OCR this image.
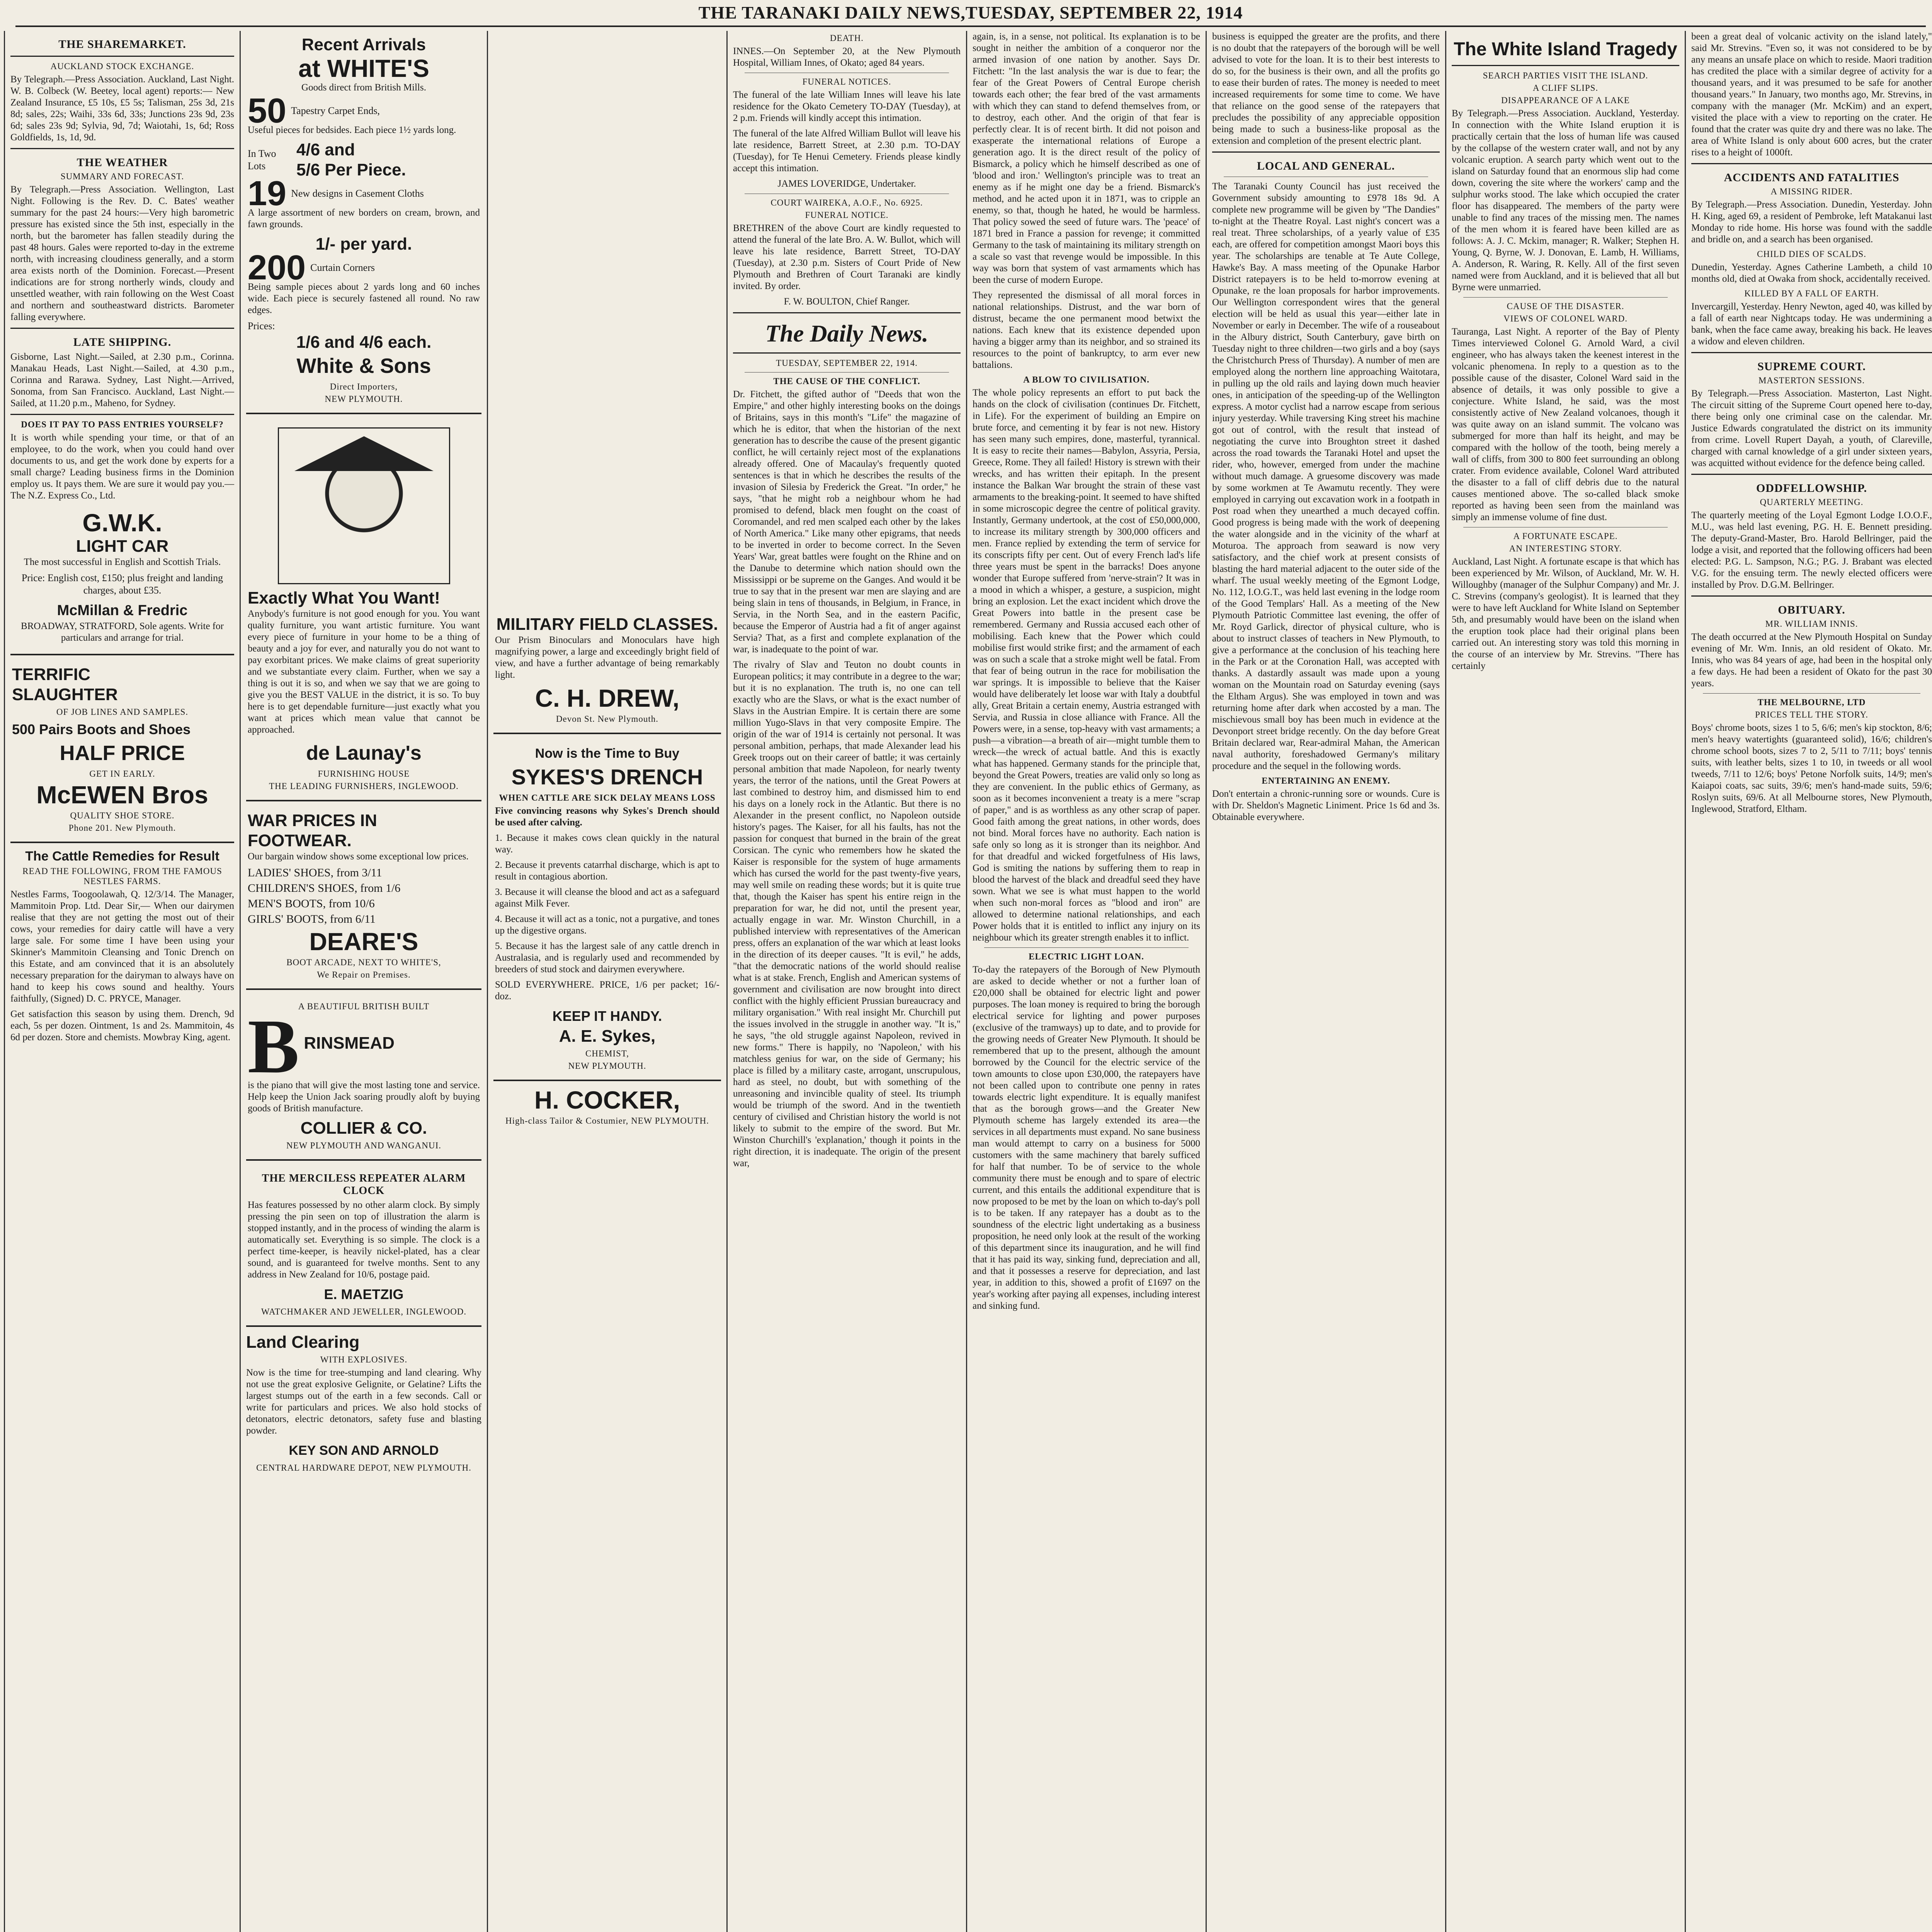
THE TARANAKI DAILY NEWS,TUESDAY, SEPTEMBER 22, 1914
THE SHAREMARKET.
AUCKLAND STOCK EXCHANGE.

By Telegraph.—Press Association. Auckland, Last Night. W. B. Colbeck (W. Beetey, local agent) reports:— New Zealand Insurance, £5 10s, £5 5s; Talisman, 25s 3d, 21s 8d; sales, 22s; Waihi, 33s 6d, 33s; Junctions 23s 9d, 23s 6d; sales 23s 9d; Sylvia, 9d, 7d; Waiotahi, 1s, 6d; Ross Goldfields, 1s, 1d, 9d.

THE WEATHER
SUMMARY AND FORECAST.

By Telegraph.—Press Association. Wellington, Last Night. Following is the Rev. D. C. Bates' weather summary for the past 24 hours:—Very high barometric pressure has existed since the 5th inst, especially in the north, but the barometer has fallen steadily during the past 48 hours. Gales were reported to-day in the extreme north, with increasing cloudiness generally, and a storm area exists north of the Dominion. Forecast.—Present indications are for strong northerly winds, cloudy and unsettled weather, with rain following on the West Coast and northern and southeastward districts. Barometer falling everywhere.

LATE SHIPPING.

Gisborne, Last Night.—Sailed, at 2.30 p.m., Corinna. Manakau Heads, Last Night.—Sailed, at 4.30 p.m., Corinna and Rarawa. Sydney, Last Night.—Arrived, Sonoma, from San Francisco. Auckland, Last Night.—Sailed, at 11.20 p.m., Maheno, for Sydney.

DOES IT PAY TO PASS ENTRIES YOURSELF?

It is worth while spending your time, or that of an employee, to do the work, when you could hand over documents to us, and get the work done by experts for a small charge? Leading business firms in the Dominion employ us. It pays them. We are sure it would pay you.—The N.Z. Express Co., Ltd.

G.W.K.
LIGHT CAR

The most successful in English and Scottish Trials.

Price: English cost, £150; plus freight and landing charges, about £35.

McMillan & Fredric

BROADWAY, STRATFORD, Sole agents. Write for particulars and arrange for trial.

TERRIFIC
SLAUGHTER
OF JOB LINES AND SAMPLES.
500 Pairs Boots and Shoes
HALF PRICE
GET IN EARLY.
McEWEN Bros
QUALITY SHOE STORE.
Phone 201. New Plymouth.
The Cattle Remedies for Result
READ THE FOLLOWING, FROM THE FAMOUS NESTLES FARMS.

Nestles Farms, Toogoolawah, Q. 12/3/14. The Manager, Mammitoin Prop. Ltd. Dear Sir,— When our dairymen realise that they are not getting the most out of their cows, your remedies for dairy cattle will have a very large sale. For some time I have been using your Skinner's Mammitoin Cleansing and Tonic Drench on this Estate, and am convinced that it is an absolutely necessary preparation for the dairyman to always have on hand to keep his cows sound and healthy. Yours faithfully, (Signed) D. C. PRYCE, Manager.

Get satisfaction this season by using them. Drench, 9d each, 5s per dozen. Ointment, 1s and 2s. Mammitoin, 4s 6d per dozen. Store and chemists. Mowbray King, agent.

Recent Arrivals
at WHITE'S

Goods direct from British Mills.

50 Tapestry Carpet Ends,

Useful pieces for bedsides. Each piece 1½ yards long.

In Two Lots
4/6 and
5/6 Per Piece.
19 New designs in Casement Cloths

A large assortment of new borders on cream, brown, and fawn grounds.

1/- per yard.
200 Curtain Corners

Being sample pieces about 2 yards long and 60 inches wide. Each piece is securely fastened all round. No raw edges.

Prices:
1/6 and 4/6 each.
White & Sons
Direct Importers,
NEW PLYMOUTH.
Exactly What You Want!

Anybody's furniture is not good enough for you. You want quality furniture, you want artistic furniture. You want every piece of furniture in your home to be a thing of beauty and a joy for ever, and naturally you do not want to pay exorbitant prices. We make claims of great superiority and we substantiate every claim. Further, when we say a thing is out it is so, and when we say that we are going to give you the BEST VALUE in the district, it is so. To buy here is to get dependable furniture—just exactly what you want at prices which mean value that cannot be approached.

de Launay's
FURNISHING HOUSE
THE LEADING FURNISHERS, INGLEWOOD.
WAR PRICES IN FOOTWEAR.

Our bargain window shows some exceptional low prices.

LADIES' SHOES, from 3/11
CHILDREN'S SHOES, from 1/6
MEN'S BOOTS, from 10/6
GIRLS' BOOTS, from 6/11
DEARE'S
BOOT ARCADE, NEXT TO WHITE'S,
We Repair on Premises.
A BEAUTIFUL BRITISH BUILT
B RINSMEAD

is the piano that will give the most lasting tone and service. Help keep the Union Jack soaring proudly aloft by buying goods of British manufacture.

COLLIER & CO.
NEW PLYMOUTH AND WANGANUI.
THE MERCILESS REPEATER ALARM CLOCK

Has features possessed by no other alarm clock. By simply pressing the pin seen on top of illustration the alarm is stopped instantly, and in the process of winding the alarm is automatically set. Everything is so simple. The clock is a perfect time-keeper, is heavily nickel-plated, has a clear sound, and is guaranteed for twelve months. Sent to any address in New Zealand for 10/6, postage paid.

E. MAETZIG
WATCHMAKER AND JEWELLER, INGLEWOOD.
Land Clearing
WITH EXPLOSIVES.

Now is the time for tree-stumping and land clearing. Why not use the great explosive Gelignite, or Gelatine? Lifts the largest stumps out of the earth in a few seconds. Call or write for particulars and prices. We also hold stocks of detonators, electric detonators, safety fuse and blasting powder.

KEY SON AND ARNOLD
CENTRAL HARDWARE DEPOT, NEW PLYMOUTH.
MILITARY FIELD CLASSES.

Our Prism Binoculars and Monoculars have high magnifying power, a large and exceedingly bright field of view, and have a further advantage of being remarkably light.

C. H. DREW,
Devon St. New Plymouth.
Now is the Time to Buy
SYKES'S DRENCH
WHEN CATTLE ARE SICK DELAY MEANS LOSS

Five convincing reasons why Sykes's Drench should be used after calving.

1. Because it makes cows clean quickly in the natural way.

2. Because it prevents catarrhal discharge, which is apt to result in contagious abortion.

3. Because it will cleanse the blood and act as a safeguard against Milk Fever.

4. Because it will act as a tonic, not a purgative, and tones up the digestive organs.

5. Because it has the largest sale of any cattle drench in Australasia, and is regularly used and recommended by breeders of stud stock and dairymen everywhere.

SOLD EVERYWHERE. PRICE, 1/6 per packet; 16/- doz.

KEEP IT HANDY.
A. E. Sykes,
CHEMIST,
NEW PLYMOUTH.
H. COCKER,
High-class Tailor & Costumier, NEW PLYMOUTH.
DEATH.

INNES.—On September 20, at the New Plymouth Hospital, William Innes, of Okato; aged 84 years.

FUNERAL NOTICES.

The funeral of the late William Innes will leave his late residence for the Okato Cemetery TO-DAY (Tuesday), at 2 p.m. Friends will kindly accept this intimation.

The funeral of the late Alfred William Bullot will leave his late residence, Barrett Street, at 2.30 p.m. TO-DAY (Tuesday), for Te Henui Cemetery. Friends please kindly accept this intimation.

JAMES LOVERIDGE, Undertaker.

COURT WAIREKA, A.O.F., No. 6925.
FUNERAL NOTICE.

BRETHREN of the above Court are kindly requested to attend the funeral of the late Bro. A. W. Bullot, which will leave his late residence, Barrett Street, TO-DAY (Tuesday), at 2.30 p.m. Sisters of Court Pride of New Plymouth and Brethren of Court Taranaki are kindly invited. By order.

F. W. BOULTON, Chief Ranger.

The Daily News.
TUESDAY, SEPTEMBER 22, 1914.
THE CAUSE OF THE CONFLICT.

Dr. Fitchett, the gifted author of "Deeds that won the Empire," and other highly interesting books on the doings of Britains, says in this month's "Life" the magazine of which he is editor, that when the historian of the next generation has to describe the cause of the present gigantic conflict, he will certainly reject most of the explanations already offered. One of Macaulay's frequently quoted sentences is that in which he describes the results of the invasion of Silesia by Frederick the Great. "In order," he says, "that he might rob a neighbour whom he had promised to defend, black men fought on the coast of Coromandel, and red men scalped each other by the lakes of North America." Like many other epigrams, that needs to be inverted in order to become correct. In the Seven Years' War, great battles were fought on the Rhine and on the Danube to determine which nation should own the Mississippi or be supreme on the Ganges. And would it be true to say that in the present war men are slaying and are being slain in tens of thousands, in Belgium, in France, in Servia, in the North Sea, and in the eastern Pacific, because the Emperor of Austria had a fit of anger against Servia? That, as a first and complete explanation of the war, is inadequate to the point of war.

The rivalry of Slav and Teuton no doubt counts in European politics; it may contribute in a degree to the war; but it is no explanation. The truth is, no one can tell exactly who are the Slavs, or what is the exact number of Slavs in the Austrian Empire. It is certain there are some million Yugo-Slavs in that very composite Empire. The origin of the war of 1914 is certainly not personal. It was personal ambition, perhaps, that made Alexander lead his Greek troops out on their career of battle; it was certainly personal ambition that made Napoleon, for nearly twenty years, the terror of the nations, until the Great Powers at last combined to destroy him, and dismissed him to end his days on a lonely rock in the Atlantic. But there is no Alexander in the present conflict, no Napoleon outside history's pages. The Kaiser, for all his faults, has not the passion for conquest that burned in the brain of the great Corsican. The cynic who remembers how he skated the Kaiser is responsible for the system of huge armaments which has cursed the world for the past twenty-five years, may well smile on reading these words; but it is quite true that, though the Kaiser has spent his entire reign in the preparation for war, he did not, until the present year, actually engage in war. Mr. Winston Churchill, in a published interview with representatives of the American press, offers an explanation of the war which at least looks in the direction of its deeper causes. "It is evil," he adds, "that the democratic nations of the world should realise what is at stake. French, English and American systems of government and civilisation are now brought into direct conflict with the highly efficient Prussian bureaucracy and military organisation." With real insight Mr. Churchill put the issues involved in the struggle in another way. "It is," he says, "the old struggle against Napoleon, revived in new forms." There is happily, no 'Napoleon,' with his matchless genius for war, on the side of Germany; his place is filled by a military caste, arrogant, unscrupulous, hard as steel, no doubt, but with something of the unreasoning and invincible quality of steel. Its triumph would be triumph of the sword. And in the twentieth century of civilised and Christian history the world is not likely to submit to the empire of the sword. But Mr. Winston Churchill's 'explanation,' though it points in the right direction, it is inadequate. The origin of the present war,

again, is, in a sense, not political. Its explanation is to be sought in neither the ambition of a conqueror nor the armed invasion of one nation by another. Says Dr. Fitchett: "In the last analysis the war is due to fear; the fear of the Great Powers of Central Europe cherish towards each other; the fear bred of the vast armaments with which they can stand to defend themselves from, or to destroy, each other. And the origin of that fear is perfectly clear. It is of recent birth. It did not poison and exasperate the international relations of Europe a generation ago. It is the direct result of the policy of Bismarck, a policy which he himself described as one of 'blood and iron.' Wellington's principle was to treat an enemy as if he might one day be a friend. Bismarck's method, and he acted upon it in 1871, was to cripple an enemy, so that, though he hated, he would be harmless. That policy sowed the seed of future wars. The 'peace' of 1871 bred in France a passion for revenge; it committed Germany to the task of maintaining its military strength on a scale so vast that revenge would be impossible. In this way was born that system of vast armaments which has been the curse of modern Europe.

They represented the dismissal of all moral forces in national relationships. Distrust, and the war born of distrust, became the one permanent mood betwixt the nations. Each knew that its existence depended upon having a bigger army than its neighbor, and so strained its resources to the point of bankruptcy, to arm ever new battalions.

A BLOW TO CIVILISATION.

The whole policy represents an effort to put back the hands on the clock of civilisation (continues Dr. Fitchett, in Life). For the experiment of building an Empire on brute force, and cementing it by fear is not new. History has seen many such empires, done, masterful, tyrannical. It is easy to recite their names—Babylon, Assyria, Persia, Greece, Rome. They all failed! History is strewn with their wrecks, and has written their epitaph. In the present instance the Balkan War brought the strain of these vast armaments to the breaking-point. It seemed to have shifted in some microscopic degree the centre of political gravity. Instantly, Germany undertook, at the cost of £50,000,000, to increase its military strength by 300,000 officers and men. France replied by extending the term of service for its conscripts fifty per cent. Out of every French lad's life three years must be spent in the barracks! Does anyone wonder that Europe suffered from 'nerve-strain'? It was in a mood in which a whisper, a gesture, a suspicion, might bring an explosion. Let the exact incident which drove the Great Powers into battle in the present case be remembered. Germany and Russia accused each other of mobilising. Each knew that the Power which could mobilise first would strike first; and the armament of each was on such a scale that a stroke might well be fatal. From that fear of being outrun in the race for mobilisation the war springs. It is impossible to believe that the Kaiser would have deliberately let loose war with Italy a doubtful ally, Great Britain a certain enemy, Austria estranged with Servia, and Russia in close alliance with France. All the Powers were, in a sense, top-heavy with vast armaments; a push—a vibration—a breath of air—might tumble them to wreck—the wreck of actual battle. And this is exactly what has happened. Germany stands for the principle that, beyond the Great Powers, treaties are valid only so long as they are convenient. In the public ethics of Germany, as soon as it becomes inconvenient a treaty is a mere "scrap of paper," and is as worthless as any other scrap of paper. Good faith among the great nations, in other words, does not bind. Moral forces have no authority. Each nation is safe only so long as it is stronger than its neighbor. And for that dreadful and wicked forgetfulness of His laws, God is smiting the nations by suffering them to reap in blood the harvest of the black and dreadful seed they have sown. What we see is what must happen to the world when such non-moral forces as "blood and iron" are allowed to determine national relationships, and each Power holds that it is entitled to inflict any injury on its neighbour which its greater strength enables it to inflict.

ELECTRIC LIGHT LOAN.

To-day the ratepayers of the Borough of New Plymouth are asked to decide whether or not a further loan of £20,000 shall be obtained for electric light and power purposes. The loan money is required to bring the borough electrical service for lighting and power purposes (exclusive of the tramways) up to date, and to provide for the growing needs of Greater New Plymouth. It should be remembered that up to the present, although the amount borrowed by the Council for the electric service of the town amounts to close upon £30,000, the ratepayers have not been called upon to contribute one penny in rates towards electric light expenditure. It is equally manifest that as the borough grows—and the Greater New Plymouth scheme has largely extended its area—the services in all departments must expand. No sane business man would attempt to carry on a business for 5000 customers with the same machinery that barely sufficed for half that number. To be of service to the whole community there must be enough and to spare of electric current, and this entails the additional expenditure that is now proposed to be met by the loan on which to-day's poll is to be taken. If any ratepayer has a doubt as to the soundness of the electric light undertaking as a business proposition, he need only look at the result of the working of this department since its inauguration, and he will find that it has paid its way, sinking fund, depreciation and all, and that it possesses a reserve for depreciation, and last year, in addition to this, showed a profit of £1697 on the year's working after paying all expenses, including interest and sinking fund.

business is equipped the greater are the profits, and there is no doubt that the ratepayers of the borough will be well advised to vote for the loan. It is to their best interests to do so, for the business is their own, and all the profits go to ease their burden of rates. The money is needed to meet increased requirements for some time to come. We have that reliance on the good sense of the ratepayers that precludes the possibility of any appreciable opposition being made to such a business-like proposal as the extension and completion of the present electric plant.

LOCAL AND GENERAL.

The Taranaki County Council has just received the Government subsidy amounting to £978 18s 9d. A complete new programme will be given by "The Dandies" to-night at the Theatre Royal. Last night's concert was a real treat. Three scholarships, of a yearly value of £35 each, are offered for competition amongst Maori boys this year. The scholarships are tenable at Te Aute College, Hawke's Bay. A mass meeting of the Opunake Harbor District ratepayers is to be held to-morrow evening at Opunake, re the loan proposals for harbor improvements. Our Wellington correspondent wires that the general election will be held as usual this year—either late in November or early in December. The wife of a rouseabout in the Albury district, South Canterbury, gave birth on Tuesday night to three children—two girls and a boy (says the Christchurch Press of Thursday). A number of men are employed along the northern line approaching Waitotara, in pulling up the old rails and laying down much heavier ones, in anticipation of the speeding-up of the Wellington express. A motor cyclist had a narrow escape from serious injury yesterday. While traversing King street his machine got out of control, with the result that instead of negotiating the curve into Broughton street it dashed across the road towards the Taranaki Hotel and upset the rider, who, however, emerged from under the machine without much damage. A gruesome discovery was made by some workmen at Te Awamutu recently. They were employed in carrying out excavation work in a footpath in Post road when they unearthed a much decayed coffin. Good progress is being made with the work of deepening the water alongside and in the vicinity of the wharf at Moturoa. The approach from seaward is now very satisfactory, and the chief work at present consists of blasting the hard material adjacent to the outer side of the wharf. The usual weekly meeting of the Egmont Lodge, No. 112, I.O.G.T., was held last evening in the lodge room of the Good Templars' Hall. As a meeting of the New Plymouth Patriotic Committee last evening, the offer of Mr. Royd Garlick, director of physical culture, who is about to instruct classes of teachers in New Plymouth, to give a performance at the conclusion of his teaching here in the Park or at the Coronation Hall, was accepted with thanks. A dastardly assault was made upon a young woman on the Mountain road on Saturday evening (says the Eltham Argus). She was employed in town and was returning home after dark when accosted by a man. The mischievous small boy has been much in evidence at the Devonport street bridge recently. On the day before Great Britain declared war, Rear-admiral Mahan, the American naval authority, foreshadowed Germany's military procedure and the sequel in the following words.

ENTERTAINING AN ENEMY.

Don't entertain a chronic-running sore or wounds. Cure is with Dr. Sheldon's Magnetic Liniment. Price 1s 6d and 3s. Obtainable everywhere.

The White Island Tragedy
SEARCH PARTIES VISIT THE ISLAND.
A CLIFF SLIPS.
DISAPPEARANCE OF A LAKE

By Telegraph.—Press Association. Auckland, Yesterday. In connection with the White Island eruption it is practically certain that the loss of human life was caused by the collapse of the western crater wall, and not by any volcanic eruption. A search party which went out to the island on Saturday found that an enormous slip had come down, covering the site where the workers' camp and the sulphur works stood. The lake which occupied the crater floor has disappeared. The members of the party were unable to find any traces of the missing men. The names of the men whom it is feared have been killed are as follows: A. J. C. Mckim, manager; R. Walker; Stephen H. Young, Q. Byrne, W. J. Donovan, E. Lamb, H. Williams, A. Anderson, R. Waring, R. Kelly. All of the first seven named were from Auckland, and it is believed that all but Byrne were unmarried.

CAUSE OF THE DISASTER.
VIEWS OF COLONEL WARD.

Tauranga, Last Night. A reporter of the Bay of Plenty Times interviewed Colonel G. Arnold Ward, a civil engineer, who has always taken the keenest interest in the volcanic phenomena. In reply to a question as to the possible cause of the disaster, Colonel Ward said in the absence of details, it was only possible to give a conjecture. White Island, he said, was the most consistently active of New Zealand volcanoes, though it was quite away on an island summit. The volcano was submerged for more than half its height, and may be compared with the hollow of the tooth, being merely a wall of cliffs, from 300 to 800 feet surrounding an oblong crater. From evidence available, Colonel Ward attributed the disaster to a fall of cliff debris due to the natural causes mentioned above. The so-called black smoke reported as having been seen from the mainland was simply an immense volume of fine dust.

A FORTUNATE ESCAPE.
AN INTERESTING STORY.

Auckland, Last Night. A fortunate escape is that which has been experienced by Mr. Wilson, of Auckland, Mr. W. H. Willoughby (manager of the Sulphur Company) and Mr. J. C. Strevins (company's geologist). It is learned that they were to have left Auckland for White Island on September 5th, and presumably would have been on the island when the eruption took place had their original plans been carried out. An interesting story was told this morning in the course of an interview by Mr. Strevins. "There has certainly

been a great deal of volcanic activity on the island lately," said Mr. Strevins. "Even so, it was not considered to be by any means an unsafe place on which to reside. Maori tradition has credited the place with a similar degree of activity for a thousand years, and it was presumed to be safe for another thousand years." In January, two months ago, Mr. Strevins, in company with the manager (Mr. McKim) and an expert, visited the place with a view to reporting on the crater. He found that the crater was quite dry and there was no lake. The area of White Island is only about 600 acres, but the crater rises to a height of 1000ft.

ACCIDENTS AND FATALITIES
A MISSING RIDER.

By Telegraph.—Press Association. Dunedin, Yesterday. John H. King, aged 69, a resident of Pembroke, left Matakanui last Monday to ride home. His horse was found with the saddle and bridle on, and a search has been organised.

CHILD DIES OF SCALDS.

Dunedin, Yesterday. Agnes Catherine Lambeth, a child 10 months old, died at Owaka from shock, accidentally received.

KILLED BY A FALL OF EARTH.

Invercargill, Yesterday. Henry Newton, aged 40, was killed by a fall of earth near Nightcaps today. He was undermining a bank, when the face came away, breaking his back. He leaves a widow and eleven children.

SUPREME COURT.
MASTERTON SESSIONS.

By Telegraph.—Press Association. Masterton, Last Night. The circuit sitting of the Supreme Court opened here to-day, there being only one criminal case on the calendar. Mr. Justice Edwards congratulated the district on its immunity from crime. Lovell Rupert Dayah, a youth, of Clareville, charged with carnal knowledge of a girl under sixteen years, was acquitted without evidence for the defence being called.

ODDFELLOWSHIP.
QUARTERLY MEETING.

The quarterly meeting of the Loyal Egmont Lodge I.O.O.F., M.U., was held last evening, P.G. H. E. Bennett presiding. The deputy-Grand-Master, Bro. Harold Bellringer, paid the lodge a visit, and reported that the following officers had been elected: P.G. L. Sampson, N.G.; P.G. J. Brabant was elected V.G. for the ensuing term. The newly elected officers were installed by Prov. D.G.M. Bellringer.

OBITUARY.
MR. WILLIAM INNIS.

The death occurred at the New Plymouth Hospital on Sunday evening of Mr. Wm. Innis, an old resident of Okato. Mr. Innis, who was 84 years of age, had been in the hospital only a few days. He had been a resident of Okato for the past 30 years.

THE MELBOURNE, LTD
PRICES TELL THE STORY.

Boys' chrome boots, sizes 1 to 5, 6/6; men's kip stockton, 8/6; men's heavy watertights (guaranteed solid), 16/6; children's chrome school boots, sizes 7 to 2, 5/11 to 7/11; boys' tennis suits, with leather belts, sizes 1 to 10, in tweeds or all wool tweeds, 7/11 to 12/6; boys' Petone Norfolk suits, 14/9; men's Kaiapoi coats, sac suits, 39/6; men's hand-made suits, 59/6; Roslyn suits, 69/6. At all Melbourne stores, New Plymouth, Inglewood, Stratford, Eltham.
